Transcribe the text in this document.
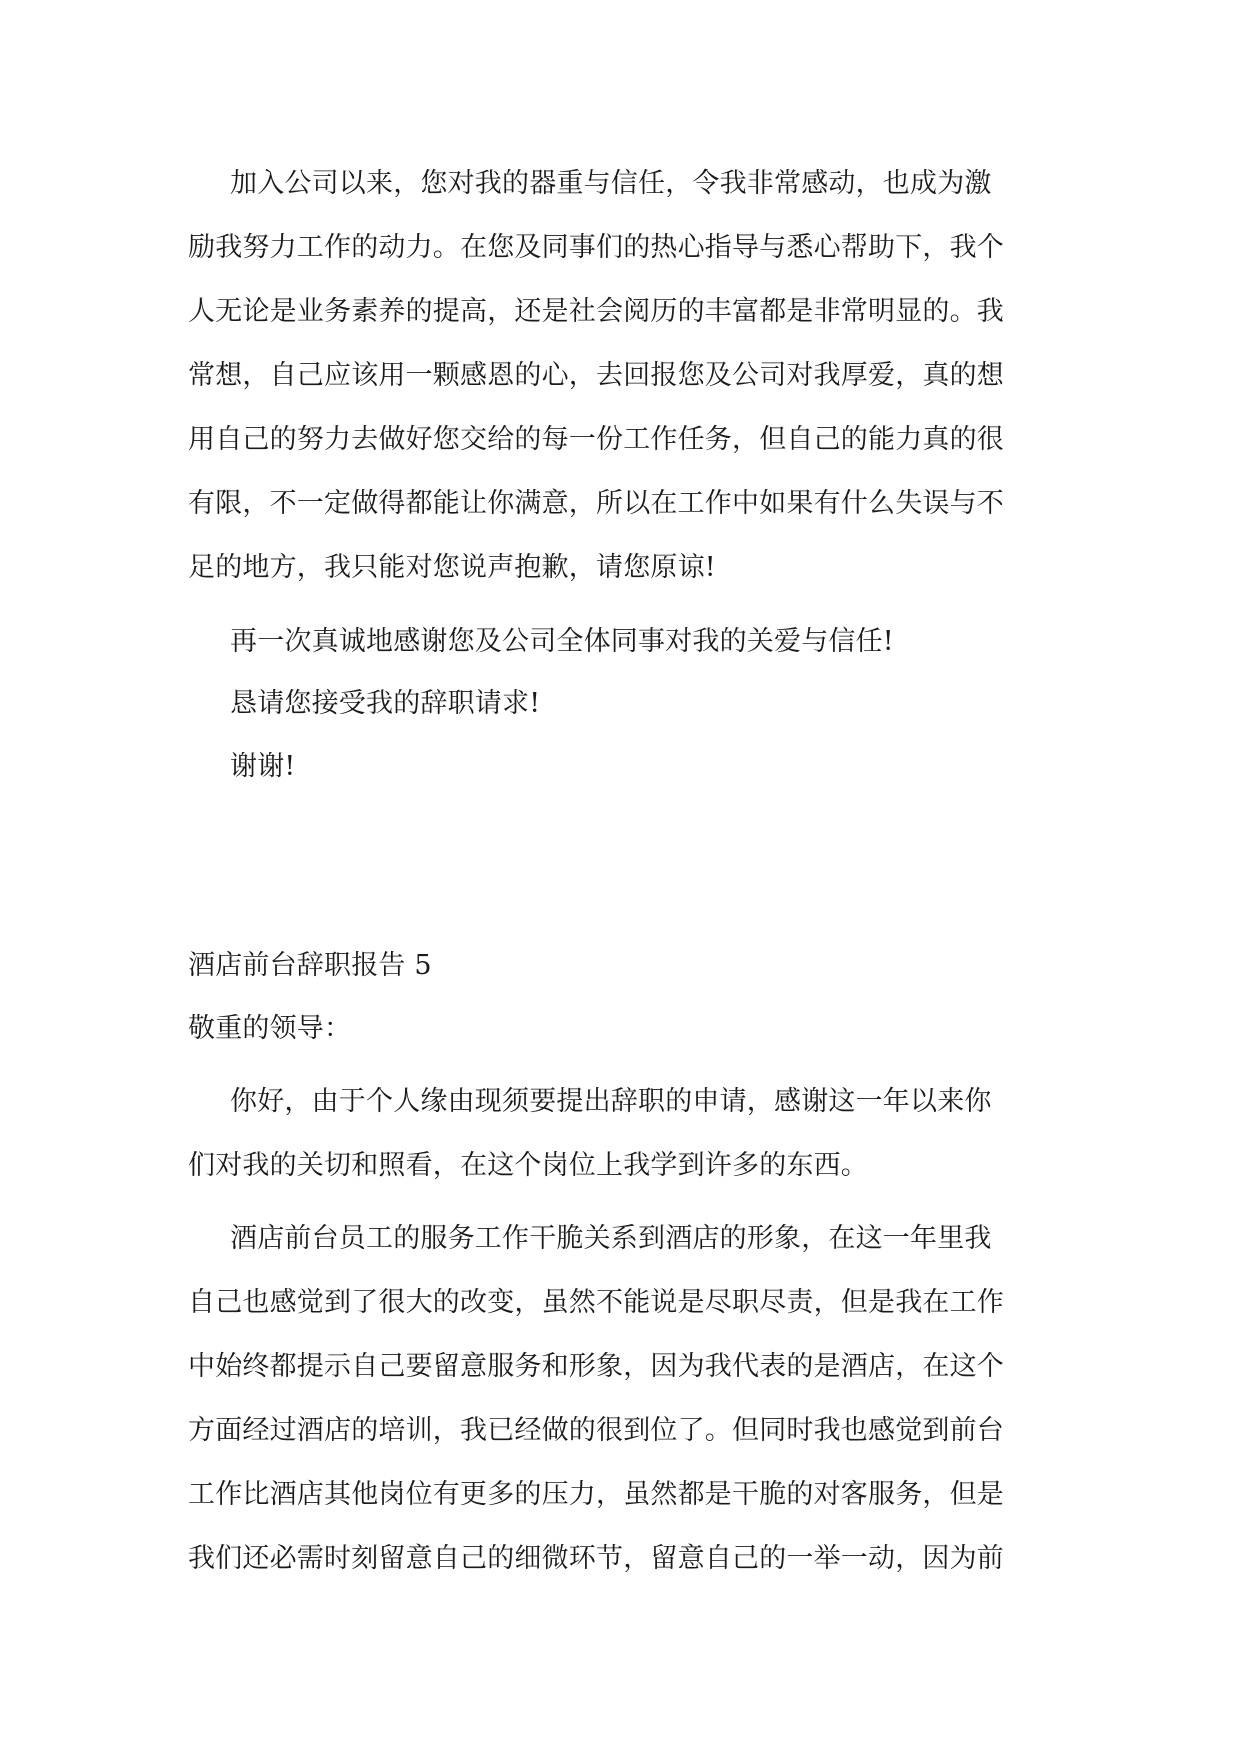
加入公司以来，您对我的器重与信任，令我非常感动，也成为激
励我努力工作的动力。在您及同事们的热心指导与悉心帮助下，我个
人无论是业务素养的提高，还是社会阅历的丰富都是非常明显的。我
常想，自己应该用一颗感恩的心，去回报您及公司对我厚爱，真的想
用自己的努力去做好您交给的每一份工作任务，但自己的能力真的很
有限，不一定做得都能让你满意，所以在工作中如果有什么失误与不
足的地方，我只能对您说声抱歉，请您原谅!
再一次真诚地感谢您及公司全体同事对我的关爱与信任!
恳请您接受我的辞职请求!
谢谢!
酒店前台辞职报告 5
敬重的领导：
你好，由于个人缘由现须要提出辞职的申请，感谢这一年以来你
们对我的关切和照看，在这个岗位上我学到许多的东西。
酒店前台员工的服务工作干脆关系到酒店的形象，在这一年里我
自己也感觉到了很大的改变，虽然不能说是尽职尽责，但是我在工作
中始终都提示自己要留意服务和形象，因为我代表的是酒店，在这个
方面经过酒店的培训，我已经做的很到位了。但同时我也感觉到前台
工作比酒店其他岗位有更多的压力，虽然都是干脆的对客服务，但是
我们还必需时刻留意自己的细微环节，留意自己的一举一动，因为前
